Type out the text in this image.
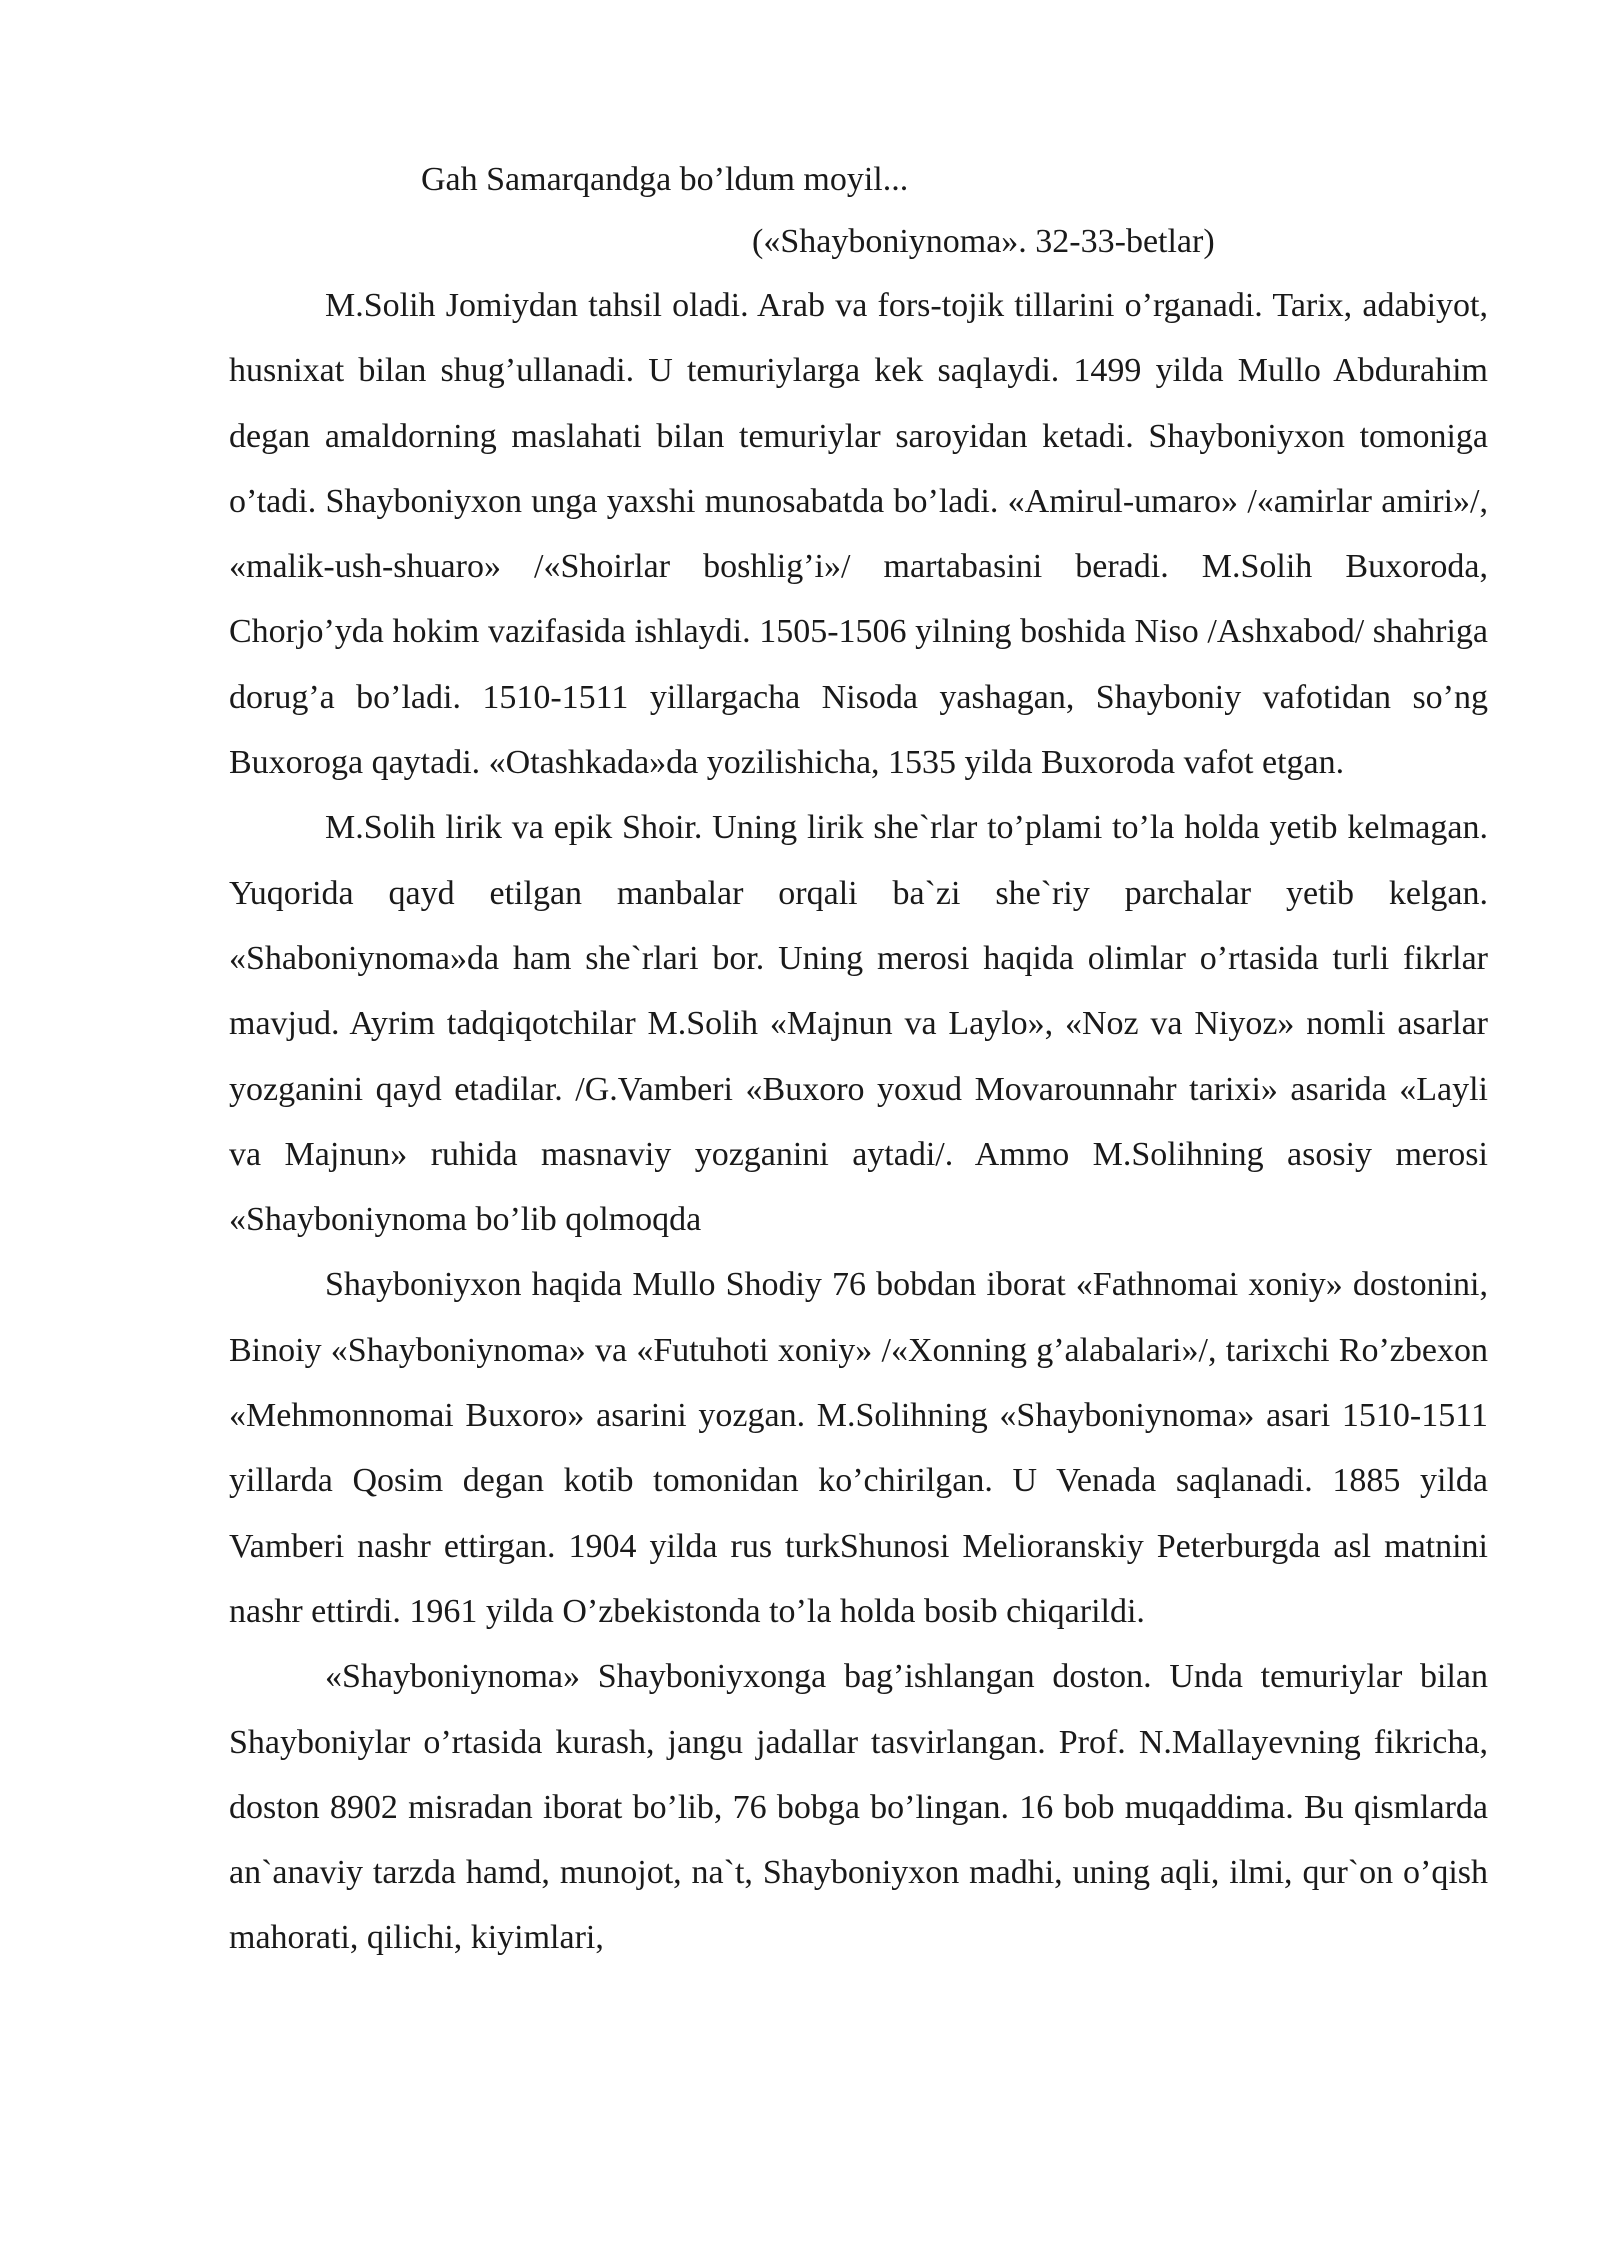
Gah Samarqandga bo’ldum moyil...

(«Shayboniynoma». 32-33-betlar)

M.Solih Jomiydan tahsil oladi. Arab va fors-tojik tillarini o’rganadi. Tarix, adabiyot, husnixat bilan shug’ullanadi. U temuriylarga kek saqlaydi. 1499 yilda Mullo Abdurahim degan amaldorning maslahati bilan temuriylar saroyidan ketadi. Shayboniyxon tomoniga o’tadi. Shayboniyxon unga yaxshi munosabatda bo’ladi. «Amirul-umaro» /«amirlar amiri»/, «malik-ush-shuaro» /«Shoirlar boshlig’i»/ martabasini beradi. M.Solih Buxoroda, Chorjo’yda hokim vazifasida ishlaydi. 1505-1506 yilning boshida Niso /Ashxabod/ shahriga dorug’a bo’ladi. 1510-1511 yillargacha Nisoda yashagan, Shayboniy vafotidan so’ng Buxoroga qaytadi. «Otashkada»da yozilishicha, 1535 yilda Buxoroda vafot etgan.

M.Solih lirik va epik Shoir. Uning lirik she`rlar to’plami to’la holda yetib kelmagan. Yuqorida qayd etilgan manbalar orqali ba`zi she`riy parchalar yetib kelgan. «Shaboniynoma»da ham she`rlari bor. Uning merosi haqida olimlar o’rtasida turli fikrlar mavjud. Ayrim tadqiqotchilar M.Solih «Majnun va Laylo», «Noz va Niyoz» nomli asarlar yozganini qayd etadilar. /G.Vamberi «Buxoro yoxud Movarounnahr tarixi» asarida «Layli va Majnun» ruhida masnaviy yozganini aytadi/. Ammo M.Solihning asosiy merosi «Shayboniynoma bo’lib qolmoqda

Shayboniyxon haqida Mullo Shodiy 76 bobdan iborat «Fathnomai xoniy» dostonini, Binoiy «Shayboniynoma» va «Futuhoti xoniy» /«Xonning g’alabalari»/, tarixchi Ro’zbexon «Mehmonnomai Buxoro» asarini yozgan. M.Solihning «Shayboniynoma» asari 1510-1511 yillarda Qosim degan kotib tomonidan ko’chirilgan. U Venada saqlanadi. 1885 yilda Vamberi nashr ettirgan. 1904 yilda rus turkShunosi Melioranskiy Peterburgda asl matnini nashr ettirdi. 1961 yilda O’zbekistonda to’la holda bosib chiqarildi.

«Shayboniynoma» Shayboniyxonga bag’ishlangan doston. Unda temuriylar bilan Shayboniylar o’rtasida kurash, jangu jadallar tasvirlangan. Prof. N.Mallayevning fikricha, doston 8902 misradan iborat bo’lib, 76 bobga bo’lingan. 16 bob muqaddima. Bu qismlarda an`anaviy tarzda hamd, munojot, na`t, Shayboniyxon madhi, uning aqli, ilmi, qur`on o’qish mahorati, qilichi, kiyimlari,
